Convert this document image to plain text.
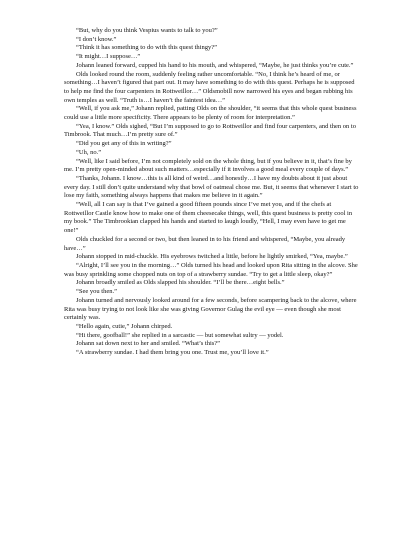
“But, why do you think Vespius wants to talk to you?”

“I don’t know.”

“Think it has something to do with this quest thingy?”

“It might…I suppose…”

Johann leaned forward, cupped his hand to his mouth, and whispered, “Maybe, he just thinks you’re cute.”

Olds looked round the room, suddenly feeling rather uncomfortable. “No, I think he’s heard of me, or something…I haven’t figured that part out. It may have something to do with this quest. Perhaps he is supposed to help me find the four carpenters in Rottweillor…” Oldsmobill now narrowed his eyes and began rubbing his own temples as well. “Truth is…I haven’t the faintest idea…”

“Well, if you ask me,” Johann replied, patting Olds on the shoulder, “it seems that this whole quest business could use a little more specificity. There appears to be plenty of room for interpretation.”

“Yea, I know.” Olds sighed, “But I’m supposed to go to Rottweillor and find four carpenters, and then on to Timbrook. That much…I’m pretty sure of.”

“Did you get any of this in writing?”

“Uh, no.”

“Well, like I said before, I’m not completely sold on the whole thing, but if you believe in it, that’s fine by me. I’m pretty open-minded about such matters…especially if it involves a good meal every couple of days.”

“Thanks, Johann. I know…this is all kind of weird…and honestly…I have my doubts about it just about every day. I still don’t quite understand why that bowl of oatmeal chose me. But, it seems that whenever I start to lose my faith, something always happens that makes me believe in it again.”

“Well, all I can say is that I’ve gained a good fifteen pounds since I’ve met you, and if the chefs at Rottweillor Castle know how to make one of them cheesecake things, well, this quest business is pretty cool in my book.” The Timbrookian clapped his hands and started to laugh loudly, “Hell, I may even have to get me one!”

Olds chuckled for a second or two, but then leaned in to his friend and whispered, “Maybe, you already have…”

Johann stopped in mid-chuckle. His eyebrows twitched a little, before he lightly smirked, “Yea, maybe.”

“Alright, I’ll see you in the morning…” Olds turned his head and looked upon Rita sitting in the alcove. She was busy sprinkling some chopped nuts on top of a strawberry sundae. “Try to get a little sleep, okay?”

Johann broadly smiled as Olds slapped his shoulder. “I’ll be there…eight bells.”

“See you then.”

Johann turned and nervously looked around for a few seconds, before scampering back to the alcove, where Rita was busy trying to not look like she was giving Governor Gulag the evil eye — even though she most certainly was.

“Hello again, cutie,” Johann chirped.

“Hi there, goofball!” she replied in a sarcastic — but somewhat sultry — yodel.

Johann sat down next to her and smiled. “What’s this?”

“A strawberry sundae. I had them bring you one. Trust me, you’ll love it.”
